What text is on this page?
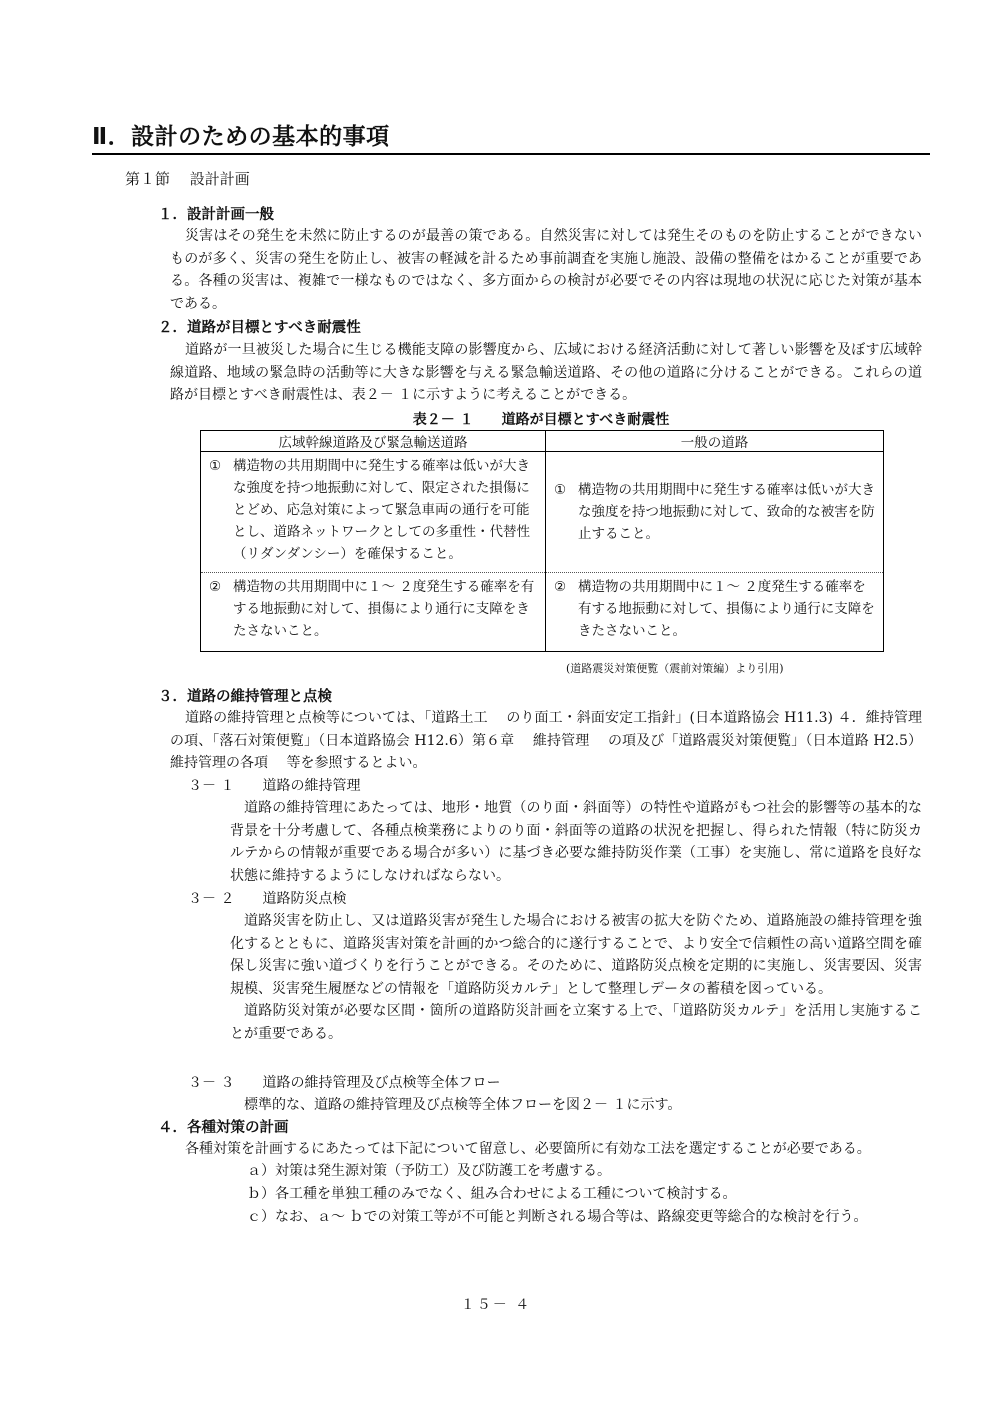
Ⅱ．設計のための基本的事項
第１節　 設計計画
１．設計計画一般

災害はその発生を未然に防止するのが最善の策である。自然災害に対しては発生そのものを防止することができないものが多く、災害の発生を防止し、被害の軽減を計るため事前調査を実施し施設、設備の整備をはかることが重要である。各種の災害は、複雑で一様なものではなく、多方面からの検討が必要でその内容は現地の状況に応じた対策が基本である。

２．道路が目標とすべき耐震性

道路が一旦被災した場合に生じる機能支障の影響度から、広域における経済活動に対して著しい影響を及ぼす広域幹線道路、地域の緊急時の活動等に大きな影響を与える緊急輸送道路、その他の道路に分けることができる。これらの道路が目標とすべき耐震性は、表２－ １に示すように考えることができる。

表２－ １　　道路が目標とすべき耐震性
広域幹線道路及び緊急輸送道路	一般の道路

① 構造物の共用期間中に発生する確率は低いが大きな強度を持つ地振動に対して、限定された損傷にとどめ、応急対策によって緊急車両の通行を可能とし、道路ネットワークとしての多重性・代替性（リダンダンシー）を確保すること。	① 構造物の共用期間中に発生する確率は低いが大きな強度を持つ地振動に対して、致命的な被害を防止すること。

② 構造物の共用期間中に１～ ２度発生する確率を有する地振動に対して、損傷により通行に支障をきたさないこと。	② 構造物の共用期間中に１～ ２度発生する確率を有する地振動に対して、損傷により通行に支障をきたさないこと。
(道路震災対策便覧（震前対策編）より引用)
３．道路の維持管理と点検

道路の維持管理と点検等については、「道路土工　 のり面工・斜面安定工指針」(日本道路協会 H11.3) ４．維持管理　 の項、｢落石対策便覧｣（日本道路協会 H12.6）第６章　 維持管理　 の項及び「道路震災対策便覧」（日本道路 H2.5）維持管理の各項　 等を参照するとよい。

３－ １　　道路の維持管理

道路の維持管理にあたっては、地形・地質（のり面・斜面等）の特性や道路がもつ社会的影響等の基本的な背景を十分考慮して、各種点検業務によりのり面・斜面等の道路の状況を把握し、得られた情報（特に防災カルテからの情報が重要である場合が多い）に基づき必要な維持防災作業（工事）を実施し、常に道路を良好な状態に維持するようにしなければならない。

３－ ２　　道路防災点検

道路災害を防止し、又は道路災害が発生した場合における被害の拡大を防ぐため、道路施設の維持管理を強化するとともに、道路災害対策を計画的かつ総合的に遂行することで、より安全で信頼性の高い道路空間を確保し災害に強い道づくりを行うことができる。そのために、道路防災点検を定期的に実施し、災害要因、災害規模、災害発生履歴などの情報を「道路防災カルテ」として整理しデータの蓄積を図っている。

道路防災対策が必要な区間・箇所の道路防災計画を立案する上で、「道路防災カルテ」を活用し実施することが重要である。

３－ ３　　道路の維持管理及び点検等全体フロー

標準的な、道路の維持管理及び点検等全体フローを図２－ １に示す。

４．各種対策の計画

各種対策を計画するにあたっては下記について留意し、必要箇所に有効な工法を選定することが必要である。

ａ）対策は発生源対策（予防工）及び防護工を考慮する。
ｂ）各工種を単独工種のみでなく、組み合わせによる工種について検討する。
ｃ）なお、ａ～ ｂでの対策工等が不可能と判断される場合等は、路線変更等総合的な検討を行う。
１５－ ４
